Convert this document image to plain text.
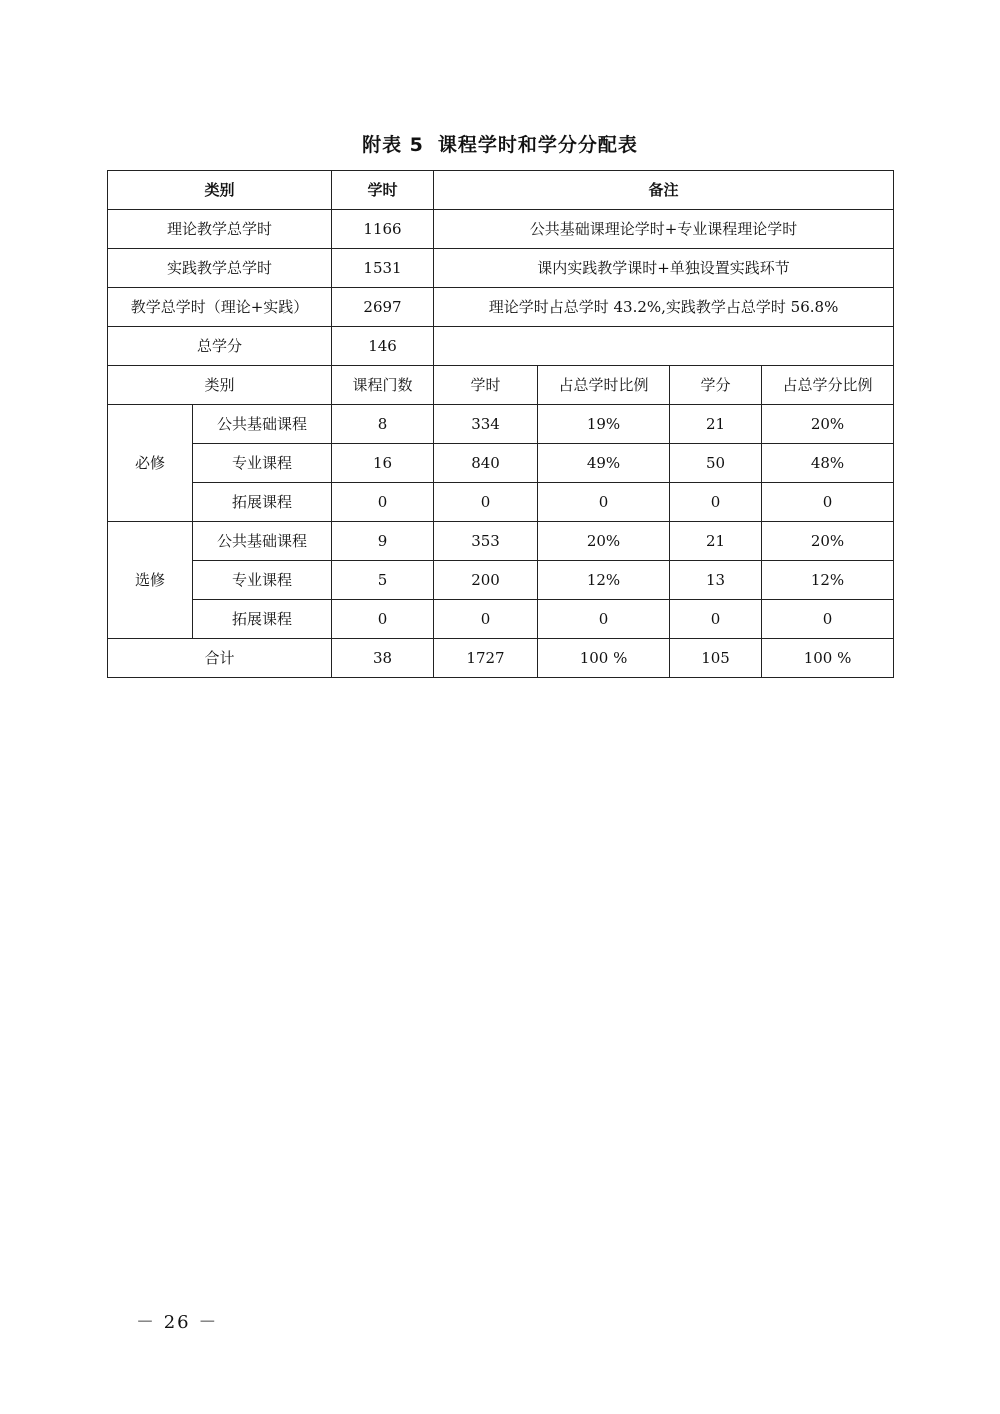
附表 5 课程学时和学分分配表
类别		学时	备注			
理论教学总学时		1166	公共基础课理论学时+专业课程理论学时			
实践教学总学时		1531	课内实践教学课时+单独设置实践环节			
教学总学时（理论+实践）		2697	理论学时占总学时 43.2%,实践教学占总学时 56.8%			
总学分		146				
类别		课程门数	学时	占总学时比例	学分	占总学分比例
必修	公共基础课程	8	334	19%	21	20%
	专业课程	16	840	49%	50	48%
	拓展课程	0	0	0	0	0
选修	公共基础课程	9	353	20%	21	20%
	专业课程	5	200	12%	13	12%
	拓展课程	0	0	0	0	0
合计		38	1727	100 %	105	100 %
－ 26 －
